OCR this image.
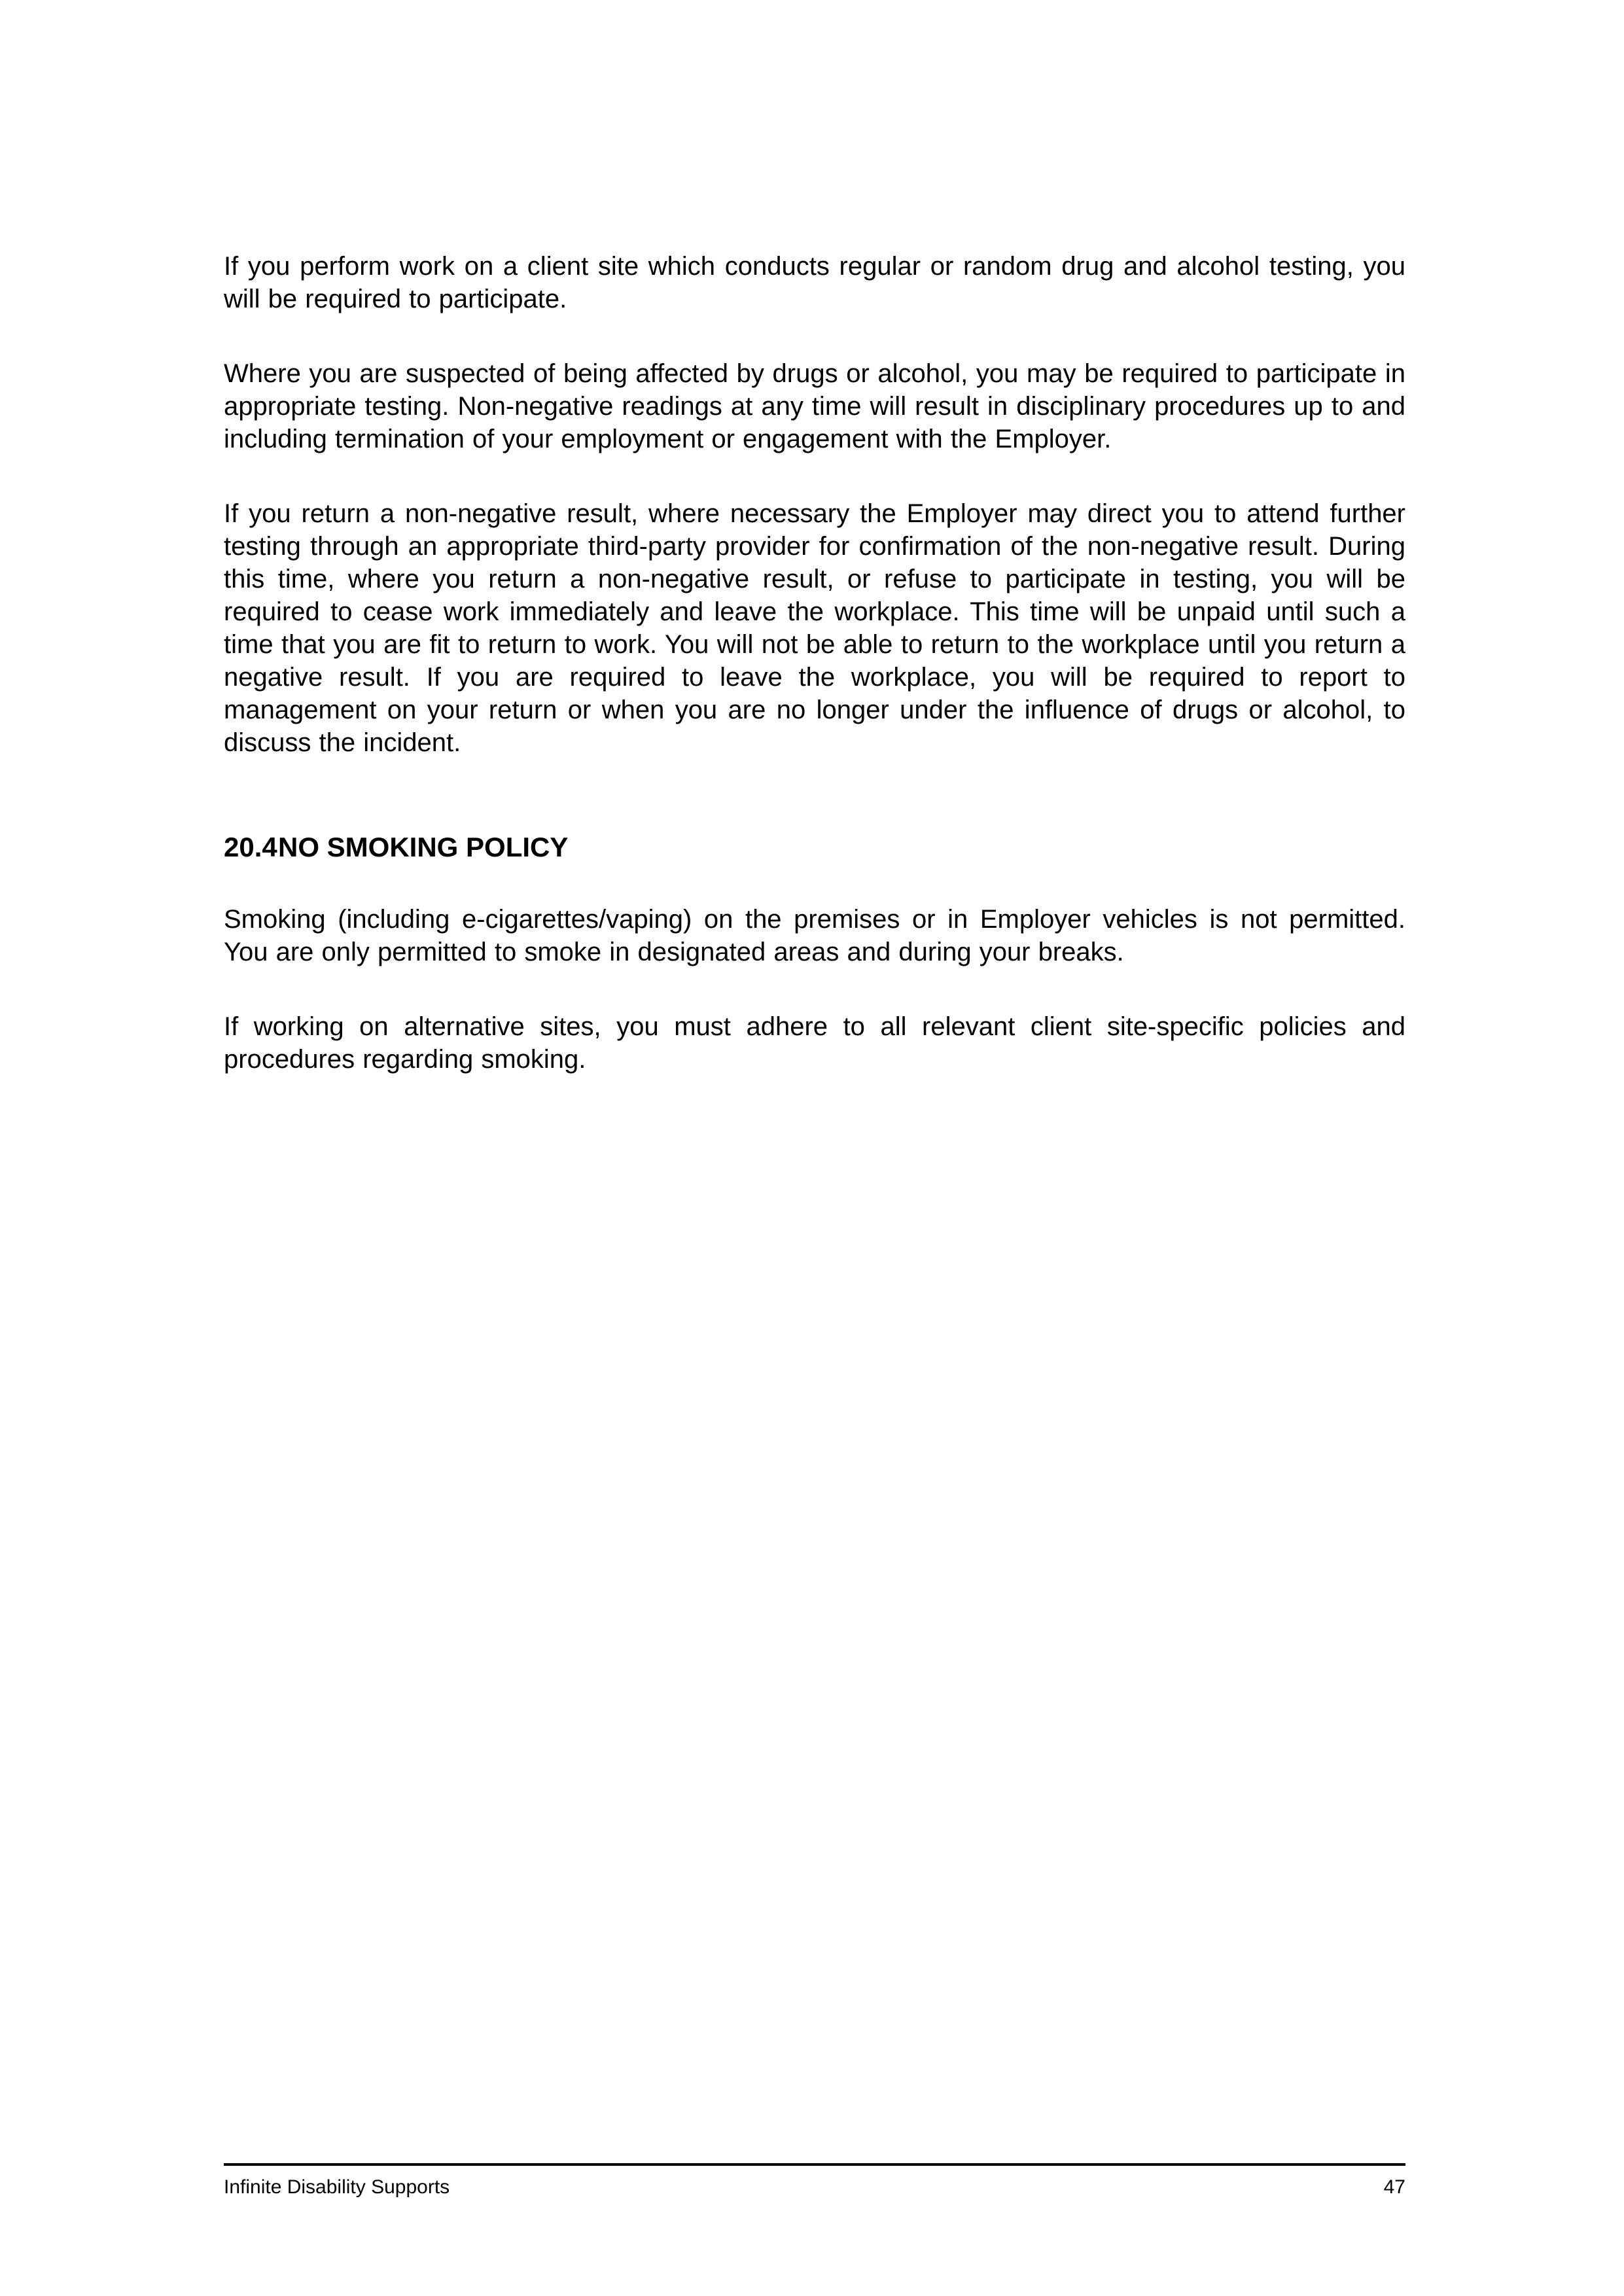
If you perform work on a client site which conducts regular or random drug and alcohol testing, you will be required to participate.

Where you are suspected of being affected by drugs or alcohol, you may be required to participate in appropriate testing. Non-negative readings at any time will result in disciplinary procedures up to and including termination of your employment or engagement with the Employer.

If you return a non-negative result, where necessary the Employer may direct you to attend further testing through an appropriate third-party provider for confirmation of the non-negative result. During this time, where you return a non-negative result, or refuse to participate in testing, you will be required to cease work immediately and leave the workplace. This time will be unpaid until such a time that you are fit to return to work. You will not be able to return to the workplace until you return a negative result. If you are required to leave the workplace, you will be required to report to management on your return or when you are no longer under the influence of drugs or alcohol, to discuss the incident.

20.4NO SMOKING POLICY

Smoking (including e-cigarettes/vaping) on the premises or in Employer vehicles is not permitted. You are only permitted to smoke in designated areas and during your breaks.

If working on alternative sites, you must adhere to all relevant client site-specific policies and procedures regarding smoking.

Infinite Disability Supports	47
